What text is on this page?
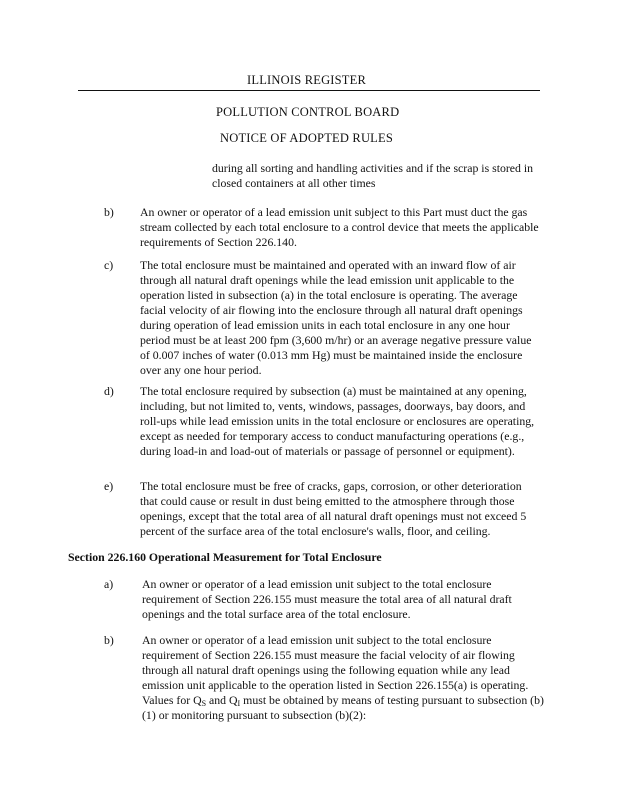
ILLINOIS REGISTER
POLLUTION CONTROL BOARD
NOTICE OF ADOPTED RULES
during all sorting and handling activities and if the scrap is stored in closed containers at all other times
b) An owner or operator of a lead emission unit subject to this Part must duct the gas stream collected by each total enclosure to a control device that meets the applicable requirements of Section 226.140.
c) The total enclosure must be maintained and operated with an inward flow of air through all natural draft openings while the lead emission unit applicable to the operation listed in subsection (a) in the total enclosure is operating. The average facial velocity of air flowing into the enclosure through all natural draft openings during operation of lead emission units in each total enclosure in any one hour period must be at least 200 fpm (3,600 m/hr) or an average negative pressure value of 0.007 inches of water (0.013 mm Hg) must be maintained inside the enclosure over any one hour period.
d) The total enclosure required by subsection (a) must be maintained at any opening, including, but not limited to, vents, windows, passages, doorways, bay doors, and roll-ups while lead emission units in the total enclosure or enclosures are operating, except as needed for temporary access to conduct manufacturing operations (e.g., during load-in and load-out of materials or passage of personnel or equipment).
e) The total enclosure must be free of cracks, gaps, corrosion, or other deterioration that could cause or result in dust being emitted to the atmosphere through those openings, except that the total area of all natural draft openings must not exceed 5 percent of the surface area of the total enclosure's walls, floor, and ceiling.
Section 226.160 Operational Measurement for Total Enclosure
a) An owner or operator of a lead emission unit subject to the total enclosure requirement of Section 226.155 must measure the total area of all natural draft openings and the total surface area of the total enclosure.
b) An owner or operator of a lead emission unit subject to the total enclosure requirement of Section 226.155 must measure the facial velocity of air flowing through all natural draft openings using the following equation while any lead emission unit applicable to the operation listed in Section 226.155(a) is operating. Values for $Q_S$ and $Q_I$ must be obtained by means of testing pursuant to subsection (b)(1) or monitoring pursuant to subsection (b)(2):
